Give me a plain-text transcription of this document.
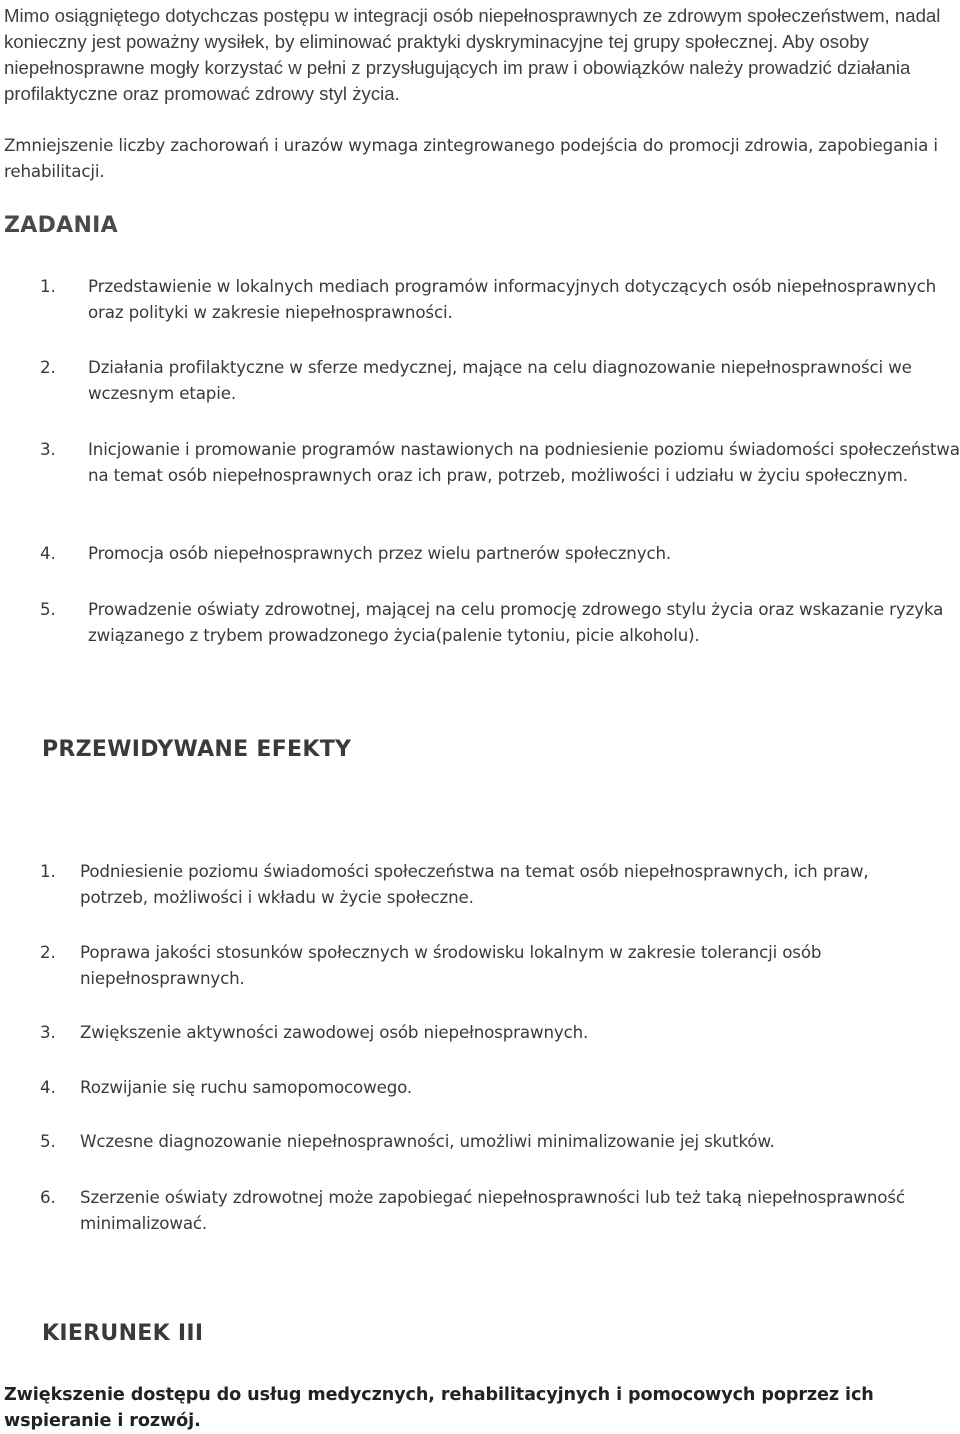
Mimo osiągniętego dotychczas postępu w integracji osób niepełnosprawnych ze zdrowym społeczeństwem, nadal konieczny jest poważny wysiłek, by eliminować praktyki dyskryminacyjne tej grupy społecznej. Aby osoby niepełnosprawne mogły korzystać w pełni z przysługujących im praw i obowiązków należy prowadzić działania profilaktyczne oraz promować zdrowy styl życia.

Zmniejszenie liczby zachorowań i urazów wymaga zintegrowanego podejścia do promocji zdrowia, zapobiegania i rehabilitacji.

ZADANIA
1. Przedstawienie w lokalnych mediach programów informacyjnych dotyczących osób niepełnosprawnych oraz polityki w zakresie niepełnosprawności.
2. Działania profilaktyczne w sferze medycznej, mające na celu diagnozowanie niepełnosprawności we wczesnym etapie.
3. Inicjowanie i promowanie programów nastawionych na podniesienie poziomu świadomości społeczeństwa na temat osób niepełnosprawnych oraz ich praw, potrzeb, możliwości i udziału w życiu społecznym.
4. Promocja osób niepełnosprawnych przez wielu partnerów społecznych.
5. Prowadzenie oświaty zdrowotnej, mającej na celu promocję zdrowego stylu życia oraz wskazanie ryzyka związanego z trybem prowadzonego życia(palenie tytoniu, picie alkoholu).
PRZEWIDYWANE EFEKTY
1. Podniesienie poziomu świadomości społeczeństwa na temat osób niepełnosprawnych, ich praw, potrzeb, możliwości i wkładu w życie społeczne.
2. Poprawa jakości stosunków społecznych w środowisku lokalnym w zakresie tolerancji osób niepełnosprawnych.
3. Zwiększenie aktywności zawodowej osób niepełnosprawnych.
4. Rozwijanie się ruchu samopomocowego.
5. Wczesne diagnozowanie niepełnosprawności, umożliwi minimalizowanie jej skutków.
6. Szerzenie oświaty zdrowotnej może zapobiegać niepełnosprawności lub też taką niepełnosprawność minimalizować.
KIERUNEK III

Zwiększenie dostępu do usług medycznych, rehabilitacyjnych i pomocowych poprzez ich wspieranie i rozwój.
